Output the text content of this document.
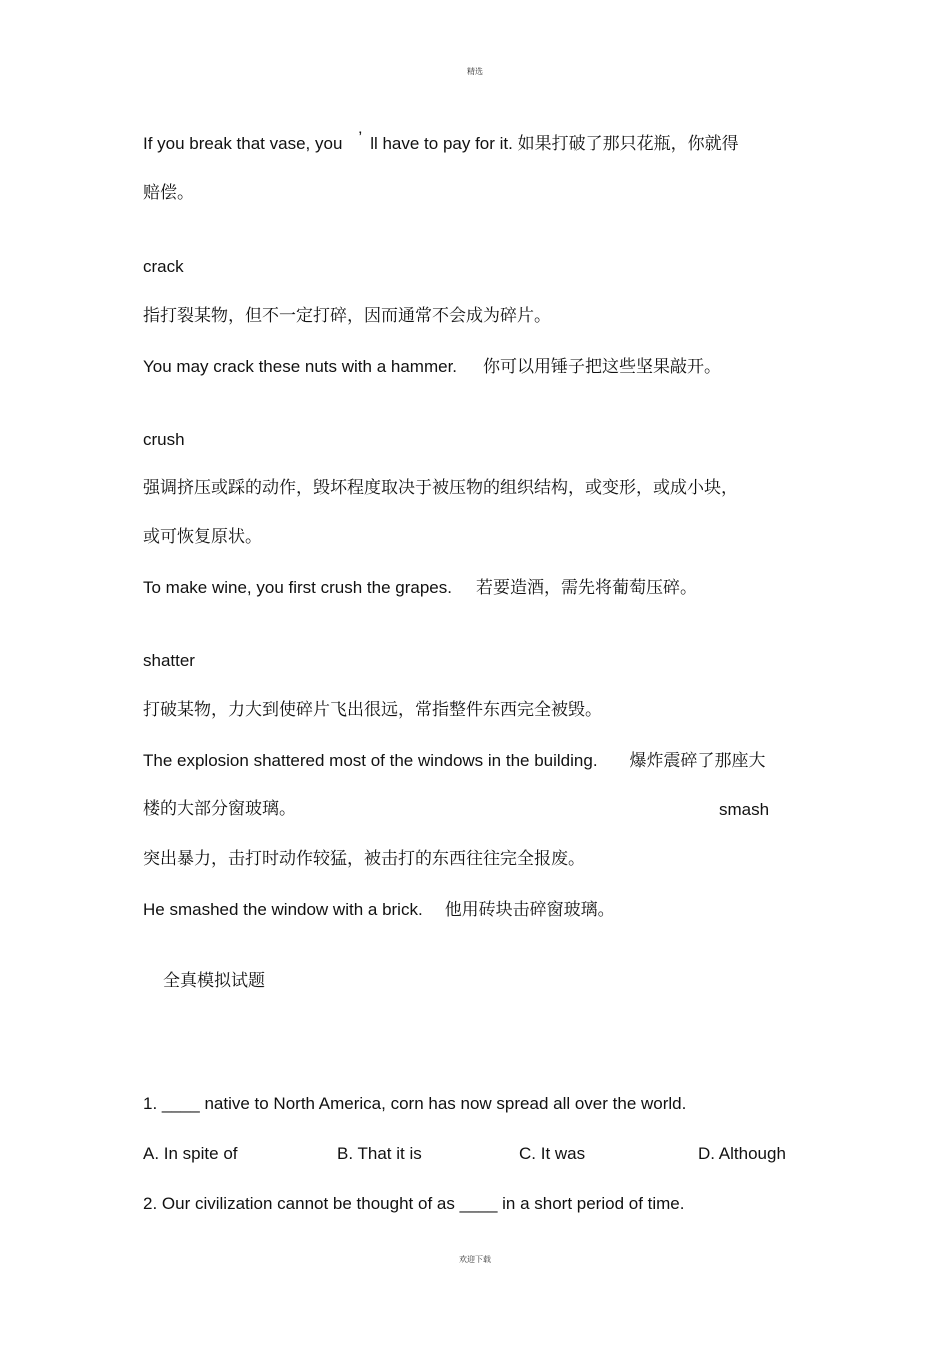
精选
If you break that vase, you ’ ll have to pay for it. 如果打破了那只花瓶，你就得
赔偿。
crack
指打裂某物，但不一定打碎，因而通常不会成为碎片。
You may crack these nuts with a hammer. 你可以用锤子把这些坚果敲开。
crush
强调挤压或踩的动作，毁坏程度取决于被压物的组织结构，或变形，或成小块，
或可恢复原状。
To make wine, you first crush the grapes. 若要造酒，需先将葡萄压碎。
shatter
打破某物，力大到使碎片飞出很远，常指整件东西完全被毁。
The explosion shattered most of the windows in the building. 爆炸震碎了那座大
楼的大部分窗玻璃。	smash
突出暴力，击打时动作较猛，被击打的东西往往完全报废。
He smashed the window with a brick. 他用砖块击碎窗玻璃。
全真模拟试题
1. ____ native to North America, corn has now spread all over the world.
A. In spite of	B. That it is	C. It was	D. Although
2. Our civilization cannot be thought of as ____ in a short period of time.
欢迎下载
